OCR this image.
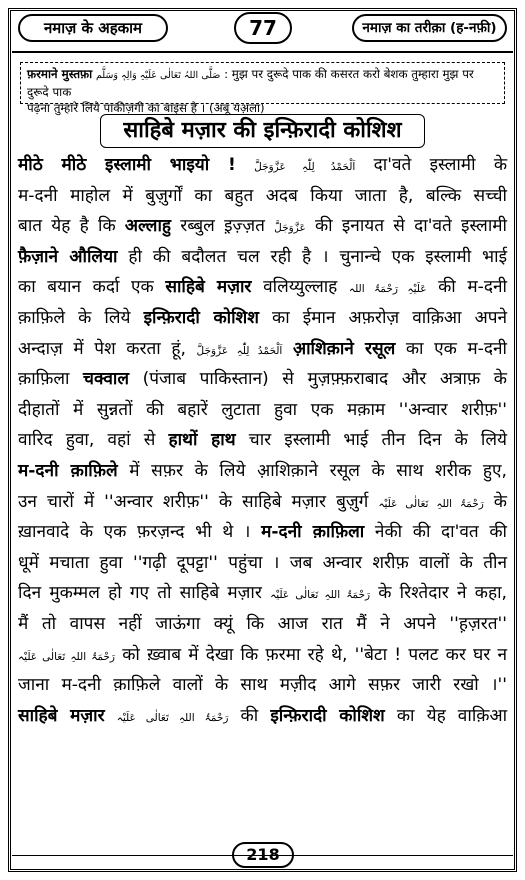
नमाज़ के अहकाम	77	नमाज़ का तरीक़ा (ह-नफ़ी)
फ़रमाने मुस्तफ़ा صَلَّی اللہُ تَعَالٰی عَلَیْہِ وَالِہٖ وَسَلَّم : मुझ पर दुरूदे पाक की कसरत करो बेशक तुम्हारा मुझ पर दुरूदे पाक
पढ़ना तुम्हारे लिये पाकीज़गी का बाइस है । (अबू यअ़ला)
साहिबे मज़ार की इन्फ़िरादी कोशिश
मीठे मीठे इस्लामी भाइयो ! اَلْحَمْدُ لِلّٰہِ عَزَّوَجَلَّ दा'वते इस्लामी के
म-दनी माहोल में बुज़ुर्गों का बहुत अदब किया जाता है, बल्कि सच्ची
बात येह है कि अल्लाहु रब्बुल इ़ज़्ज़त عَزَّوَجَلَّ की इनायत से दा'वते इस्लामी
फ़ैज़ाने औलिया ही की बदौलत चल रही है । चुनान्चे एक इस्लामी भाई
का बयान कर्दा एक साहिबे मज़ार वलिय्युल्लाह عَلَیْہِ رَحْمَۃُ اللہ की म-दनी
क़ाफ़िले के लिये इन्फ़िरादी कोशिश का ईमान अफ़रोज़ वाक़िआ अपने
अन्दाज़ में पेश करता हूं, اَلْحَمْدُ لِلّٰہِ عَزَّوَجَلَّ आ़शिक़ाने रसूल का एक म-दनी
क़ाफ़िला चक्वाल (पंजाब पाकिस्तान) से मुज़फ़्फ़राबाद और अत्राफ़ के
दीहातों में सुन्नतों की बहारें लुटाता हुवा एक मक़ाम ''अन्वार शरीफ़''
वारिद हुवा, वहां से हाथों हाथ चार इस्लामी भाई तीन दिन के लिये
म-दनी क़ाफ़िले में सफ़र के लिये आ़शिक़ाने रसूल के साथ शरीक हुए,
उन चारों में ''अन्वार शरीफ़'' के साहिबे मज़ार बुज़ुर्ग رَحْمَۃُ اللہِ تَعَالٰی عَلَیْہ के
ख़ानवादे के एक फ़रज़न्द भी थे । म-दनी क़ाफ़िला नेकी की दा'वत की
धूमें मचाता हुवा ''गढ़ी दूपट्टा'' पहुंचा । जब अन्वार शरीफ़ वालों के तीन
दिन मुकम्मल हो गए तो साहिबे मज़ार رَحْمَۃُ اللہِ تَعَالٰی عَلَیْہ के रिश्तेदार ने कहा,
मैं तो वापस नहीं जाऊंगा क्यूं कि आज रात मैं ने अपने ''ह़ज़रत''
رَحْمَۃُ اللہِ تَعَالٰی عَلَیْہ को ख़्वाब में देखा कि फ़रमा रहे थे, ''बेटा ! पलट कर घर न
जाना म-दनी क़ाफ़िले वालों के साथ मज़ीद आगे सफ़र जारी रखो ।''
साहिबे मज़ार رَحْمَۃُ اللہِ تَعَالٰی عَلَیْہ की इन्फ़िरादी कोशिश का येह वाक़िआ
218
